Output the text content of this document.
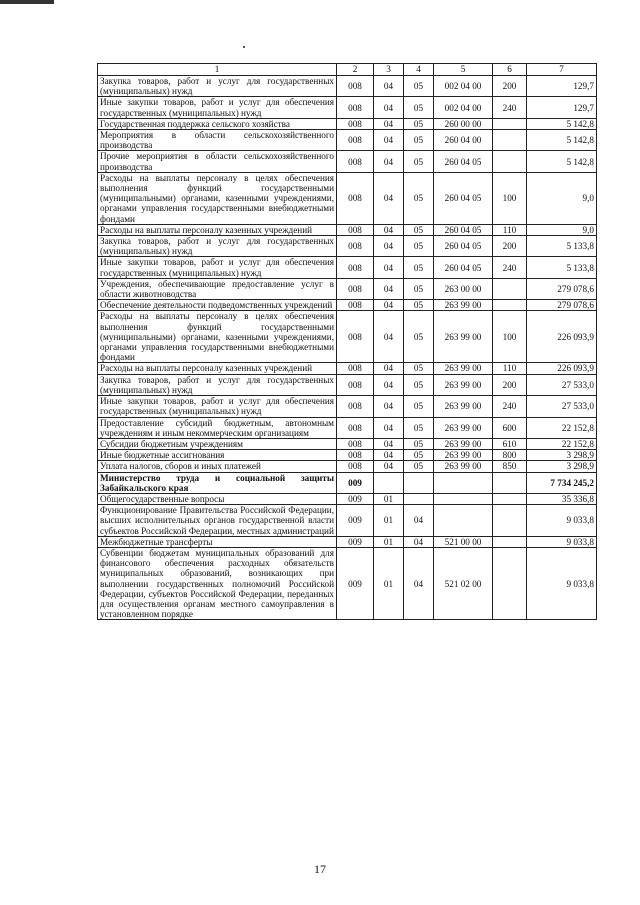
1	2	3	4	5	6	7
Закупка товаров, работ и услуг для государственных (муниципальных) нужд	008	04	05	002 04 00	200	129,7
Иные закупки товаров, работ и услуг для обеспечения государственных (муниципальных) нужд	008	04	05	002 04 00	240	129,7
Государственная поддержка сельского хозяйства	008	04	05	260 00 00		5 142,8
Мероприятия в области сельскохозяйственного производства	008	04	05	260 04 00		5 142,8
Прочие мероприятия в области сельскохозяйственного производства	008	04	05	260 04 05		5 142,8
Расходы на выплаты персоналу в целях обеспечения выполнения функций государственными (муниципальными) органами, казенными учреждениями, органами управления государственными внебюджетными фондами	008	04	05	260 04 05	100	9,0
Расходы на выплаты персоналу казенных учреждений	008	04	05	260 04 05	110	9,0
Закупка товаров, работ и услуг для государственных (муниципальных) нужд	008	04	05	260 04 05	200	5 133,8
Иные закупки товаров, работ и услуг для обеспечения государственных (муниципальных) нужд	008	04	05	260 04 05	240	5 133,8
Учреждения, обеспечивающие предоставление услуг в области животноводства	008	04	05	263 00 00		279 078,6
Обеспечение деятельности подведомственных учреждений	008	04	05	263 99 00		279 078,6
Расходы на выплаты персоналу в целях обеспечения выполнения функций государственными (муниципальными) органами, казенными учреждениями, органами управления государственными внебюджетными фондами	008	04	05	263 99 00	100	226 093,9
Расходы на выплаты персоналу казенных учреждений	008	04	05	263 99 00	110	226 093,9
Закупка товаров, работ и услуг для государственных (муниципальных) нужд	008	04	05	263 99 00	200	27 533,0
Иные закупки товаров, работ и услуг для обеспечения государственных (муниципальных) нужд	008	04	05	263 99 00	240	27 533,0
Предоставление субсидий бюджетным, автономным учреждениям и иным некоммерческим организациям	008	04	05	263 99 00	600	22 152,8
Субсидии бюджетным учреждениям	008	04	05	263 99 00	610	22 152,8
Иные бюджетные ассигнования	008	04	05	263 99 00	800	3 298,9
Уплата налогов, сборов и иных платежей	008	04	05	263 99 00	850	3 298,9
Министерство труда и социальной защиты Забайкальского края	009					7 734 245,2
Общегосударственные вопросы	009	01				35 336,8
Функционирование Правительства Российской Федерации, высших исполнительных органов государственной власти субъектов Российской Федерации, местных администраций	009	01	04			9 033,8
Межбюджетные трансферты	009	01	04	521 00 00		9 033,8
Субвенции бюджетам муниципальных образований для финансового обеспечения расходных обязательств муниципальных образований, возникающих при выполнении государственных полномочий Российской Федерации, субъектов Российской Федерации, переданных для осуществления органам местного самоуправления в установленном порядке	009	01	04	521 02 00		9 033,8
17
